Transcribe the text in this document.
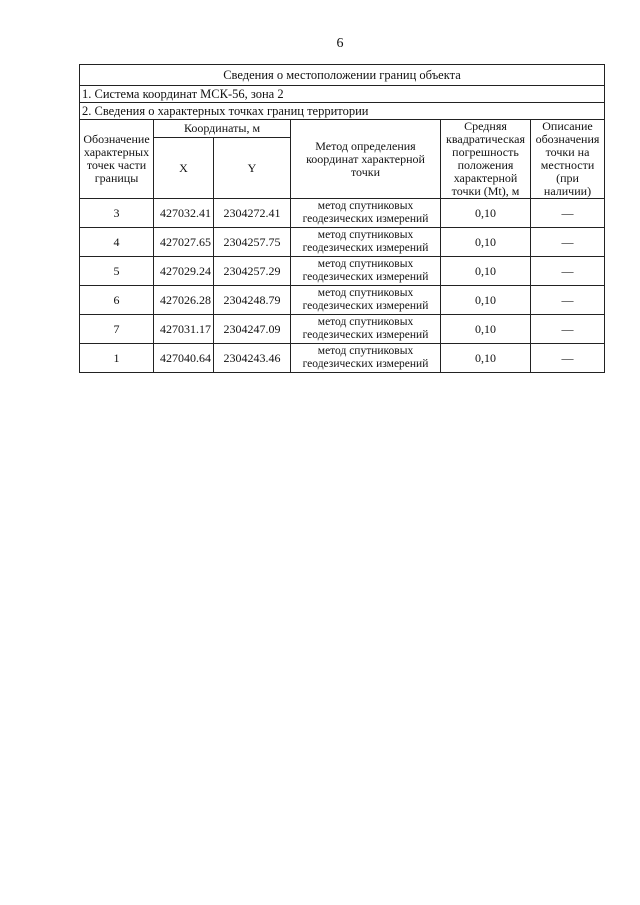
6
Сведения о местоположении границ объекта					
1. Система координат МСК-56, зона 2					
2. Сведения о характерных точках границ территории					
Обозначение характерных точек части границы	Координаты, м		Метод определения координат характерной точки	Средняя квадратическая погрешность положения характерной точки (Mt), м	Описание обозначения точки на местности (при наличии)
	X	Y			
3	427032.41	2304272.41	метод спутниковых геодезических измерений	0,10	—
4	427027.65	2304257.75	метод спутниковых геодезических измерений	0,10	—
5	427029.24	2304257.29	метод спутниковых геодезических измерений	0,10	—
6	427026.28	2304248.79	метод спутниковых геодезических измерений	0,10	—
7	427031.17	2304247.09	метод спутниковых геодезических измерений	0,10	—
1	427040.64	2304243.46	метод спутниковых геодезических измерений	0,10	—
